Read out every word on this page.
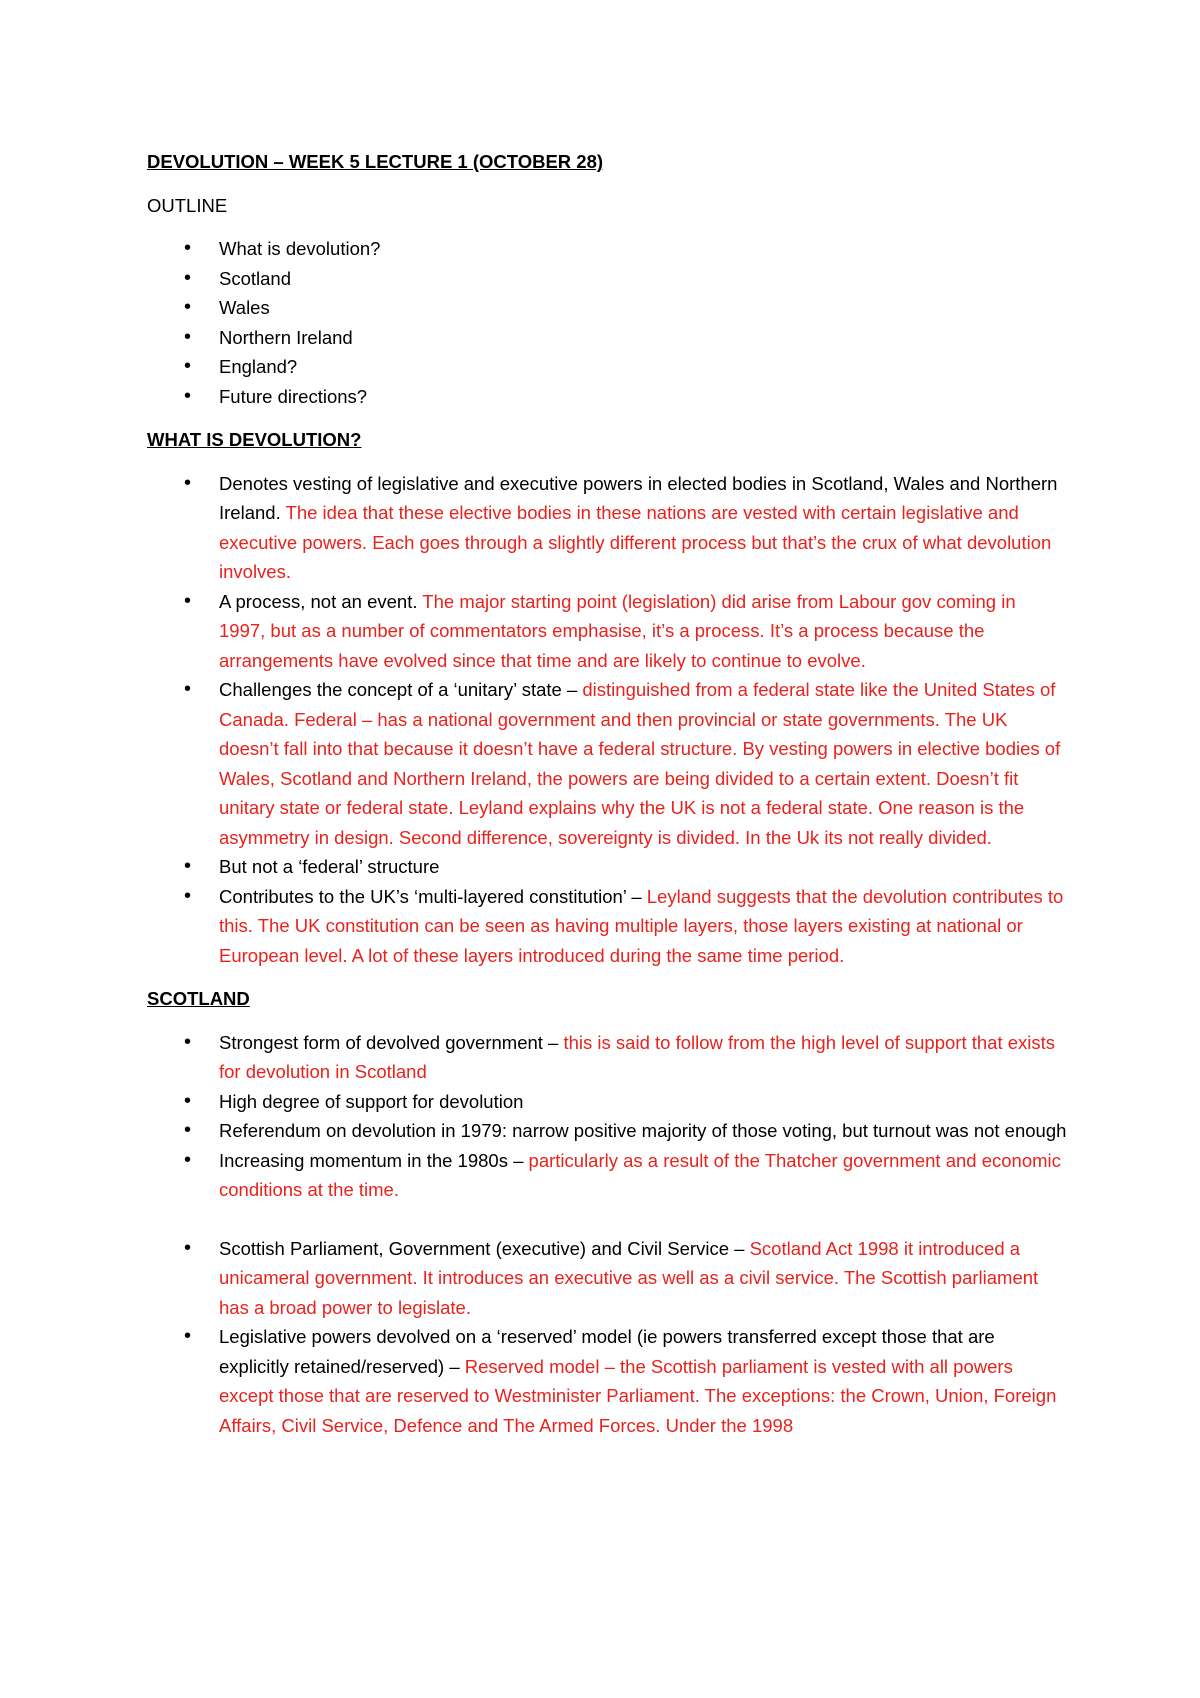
DEVOLUTION – WEEK 5 LECTURE 1 (OCTOBER 28)

OUTLINE

• What is devolution?
• Scotland
• Wales
• Northern Ireland
• England?
• Future directions?

WHAT IS DEVOLUTION?

• Denotes vesting of legislative and executive powers in elected bodies in Scotland, Wales and Northern Ireland. The idea that these elective bodies in these nations are vested with certain legislative and executive powers. Each goes through a slightly different process but that’s the crux of what devolution involves.
• A process, not an event. The major starting point (legislation) did arise from Labour gov coming in 1997, but as a number of commentators emphasise, it’s a process. It’s a process because the arrangements have evolved since that time and are likely to continue to evolve.
• Challenges the concept of a ‘unitary’ state – distinguished from a federal state like the United States of Canada. Federal – has a national government and then provincial or state governments. The UK doesn’t fall into that because it doesn’t have a federal structure. By vesting powers in elective bodies of Wales, Scotland and Northern Ireland, the powers are being divided to a certain extent. Doesn’t fit unitary state or federal state. Leyland explains why the UK is not a federal state. One reason is the asymmetry in design. Second difference, sovereignty is divided. In the Uk its not really divided.
• But not a ‘federal’ structure
• Contributes to the UK’s ‘multi-layered constitution’ – Leyland suggests that the devolution contributes to this. The UK constitution can be seen as having multiple layers, those layers existing at national or European level. A lot of these layers introduced during the same time period.

SCOTLAND

• Strongest form of devolved government – this is said to follow from the high level of support that exists for devolution in Scotland
• High degree of support for devolution
• Referendum on devolution in 1979: narrow positive majority of those voting, but turnout was not enough
• Increasing momentum in the 1980s – particularly as a result of the Thatcher government and economic conditions at the time.
• Scottish Parliament, Government (executive) and Civil Service – Scotland Act 1998 it introduced a unicameral government. It introduces an executive as well as a civil service. The Scottish parliament has a broad power to legislate.
• Legislative powers devolved on a ‘reserved’ model (ie powers transferred except those that are explicitly retained/reserved) – Reserved model – the Scottish parliament is vested with all powers except those that are reserved to Westminister Parliament. The exceptions: the Crown, Union, Foreign Affairs, Civil Service, Defence and The Armed Forces. Under the 1998
